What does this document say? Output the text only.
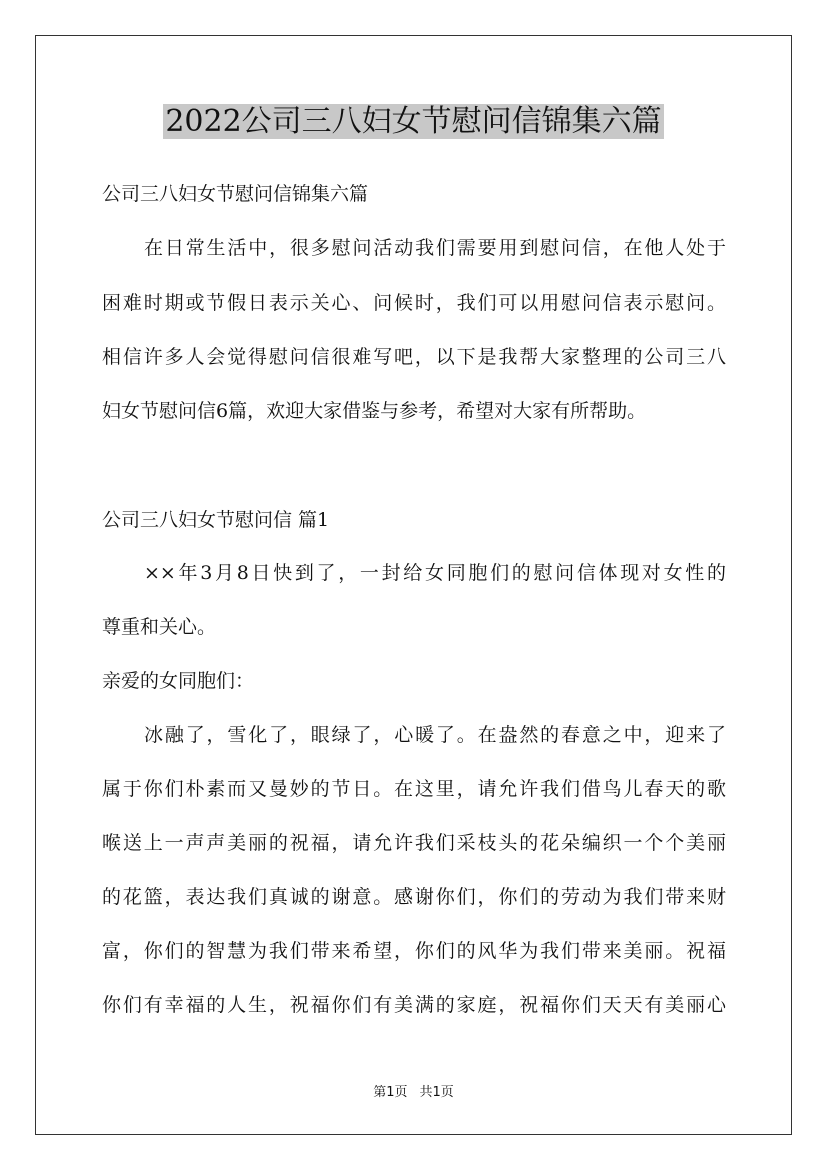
2022公司三八妇女节慰问信锦集六篇
公司三八妇女节慰问信锦集六篇
在日常生活中，很多慰问活动我们需要用到慰问信，在他人处于
困难时期或节假日表示关心、问候时，我们可以用慰问信表示慰问。
相信许多人会觉得慰问信很难写吧，以下是我帮大家整理的公司三八
妇女节慰问信6篇，欢迎大家借鉴与参考，希望对大家有所帮助。
公司三八妇女节慰问信 篇1
××年3月8日快到了，一封给女同胞们的慰问信体现对女性的
尊重和关心。
亲爱的女同胞们：
冰融了，雪化了，眼绿了，心暖了。在盎然的春意之中，迎来了
属于你们朴素而又曼妙的节日。在这里，请允许我们借鸟儿春天的歌
喉送上一声声美丽的祝福，请允许我们采枝头的花朵编织一个个美丽
的花篮，表达我们真诚的谢意。感谢你们，你们的劳动为我们带来财
富，你们的智慧为我们带来希望，你们的风华为我们带来美丽。祝福
你们有幸福的人生，祝福你们有美满的家庭，祝福你们天天有美丽心
第1页 共1页
